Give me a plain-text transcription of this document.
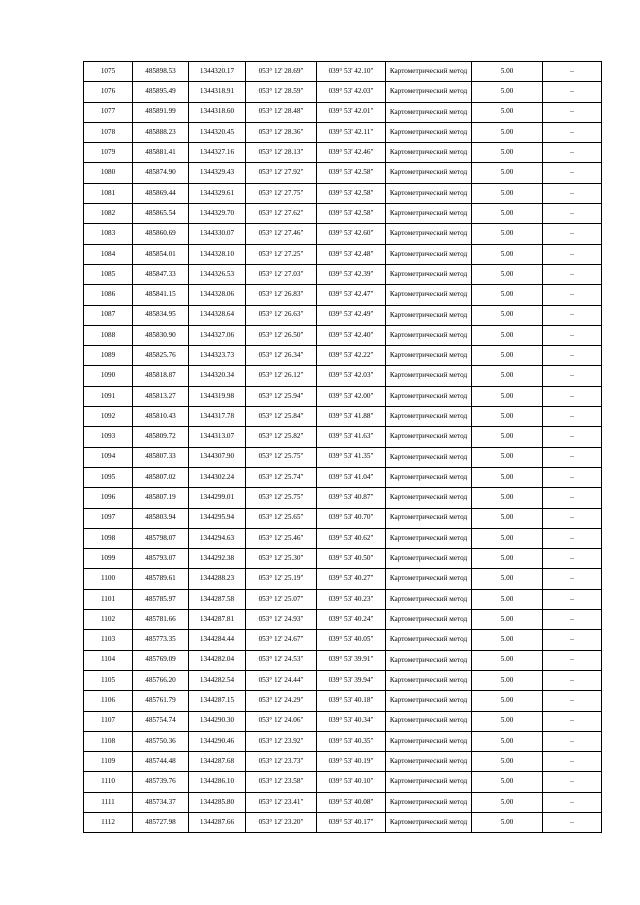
1075	485898.53	1344320.17	053° 12' 28.69"	039° 53' 42.10"	Картометрический метод	5.00	–
1076	485895.49	1344318.91	053° 12' 28.59"	039° 53' 42.03"	Картометрический метод	5.00	–
1077	485891.99	1344318.60	053° 12' 28.48"	039° 53' 42.01"	Картометрический метод	5.00	–
1078	485888.23	1344320.45	053° 12' 28.36"	039° 53' 42.11"	Картометрический метод	5.00	–
1079	485881.41	1344327.16	053° 12' 28.13"	039° 53' 42.46"	Картометрический метод	5.00	–
1080	485874.90	1344329.43	053° 12' 27.92"	039° 53' 42.58"	Картометрический метод	5.00	–
1081	485869.44	1344329.61	053° 12' 27.75"	039° 53' 42.58"	Картометрический метод	5.00	–
1082	485865.54	1344329.70	053° 12' 27.62"	039° 53' 42.58"	Картометрический метод	5.00	–
1083	485860.69	1344330.07	053° 12' 27.46"	039° 53' 42.60"	Картометрический метод	5.00	–
1084	485854.01	1344328.10	053° 12' 27.25"	039° 53' 42.48"	Картометрический метод	5.00	–
1085	485847.33	1344326.53	053° 12' 27.03"	039° 53' 42.39"	Картометрический метод	5.00	–
1086	485841.15	1344328.06	053° 12' 26.83"	039° 53' 42.47"	Картометрический метод	5.00	–
1087	485834.95	1344328.64	053° 12' 26.63"	039° 53' 42.49"	Картометрический метод	5.00	–
1088	485830.90	1344327.06	053° 12' 26.50"	039° 53' 42.40"	Картометрический метод	5.00	–
1089	485825.76	1344323.73	053° 12' 26.34"	039° 53' 42.22"	Картометрический метод	5.00	–
1090	485818.87	1344320.34	053° 12' 26.12"	039° 53' 42.03"	Картометрический метод	5.00	–
1091	485813.27	1344319.98	053° 12' 25.94"	039° 53' 42.00"	Картометрический метод	5.00	–
1092	485810.43	1344317.78	053° 12' 25.84"	039° 53' 41.88"	Картометрический метод	5.00	–
1093	485809.72	1344313.07	053° 12' 25.82"	039° 53' 41.63"	Картометрический метод	5.00	–
1094	485807.33	1344307.90	053° 12' 25.75"	039° 53' 41.35"	Картометрический метод	5.00	–
1095	485807.02	1344302.24	053° 12' 25.74"	039° 53' 41.04"	Картометрический метод	5.00	–
1096	485807.19	1344299.01	053° 12' 25.75"	039° 53' 40.87"	Картометрический метод	5.00	–
1097	485803.94	1344295.94	053° 12' 25.65"	039° 53' 40.70"	Картометрический метод	5.00	–
1098	485798.07	1344294.63	053° 12' 25.46"	039° 53' 40.62"	Картометрический метод	5.00	–
1099	485793.07	1344292.38	053° 12' 25.30"	039° 53' 40.50"	Картометрический метод	5.00	–
1100	485789.61	1344288.23	053° 12' 25.19"	039° 53' 40.27"	Картометрический метод	5.00	–
1101	485785.97	1344287.58	053° 12' 25.07"	039° 53' 40.23"	Картометрический метод	5.00	–
1102	485781.66	1344287.81	053° 12' 24.93"	039° 53' 40.24"	Картометрический метод	5.00	–
1103	485773.35	1344284.44	053° 12' 24.67"	039° 53' 40.05"	Картометрический метод	5.00	–
1104	485769.09	1344282.04	053° 12' 24.53"	039° 53' 39.91"	Картометрический метод	5.00	–
1105	485766.20	1344282.54	053° 12' 24.44"	039° 53' 39.94"	Картометрический метод	5.00	–
1106	485761.79	1344287.15	053° 12' 24.29"	039° 53' 40.18"	Картометрический метод	5.00	–
1107	485754.74	1344290.30	053° 12' 24.06"	039° 53' 40.34"	Картометрический метод	5.00	–
1108	485750.36	1344290.46	053° 12' 23.92"	039° 53' 40.35"	Картометрический метод	5.00	–
1109	485744.48	1344287.68	053° 12' 23.73"	039° 53' 40.19"	Картометрический метод	5.00	–
1110	485739.76	1344286.10	053° 12' 23.58"	039° 53' 40.10"	Картометрический метод	5.00	–
1111	485734.37	1344285.80	053° 12' 23.41"	039° 53' 40.08"	Картометрический метод	5.00	–
1112	485727.98	1344287.66	053° 12' 23.20"	039° 53' 40.17"	Картометрический метод	5.00	–
